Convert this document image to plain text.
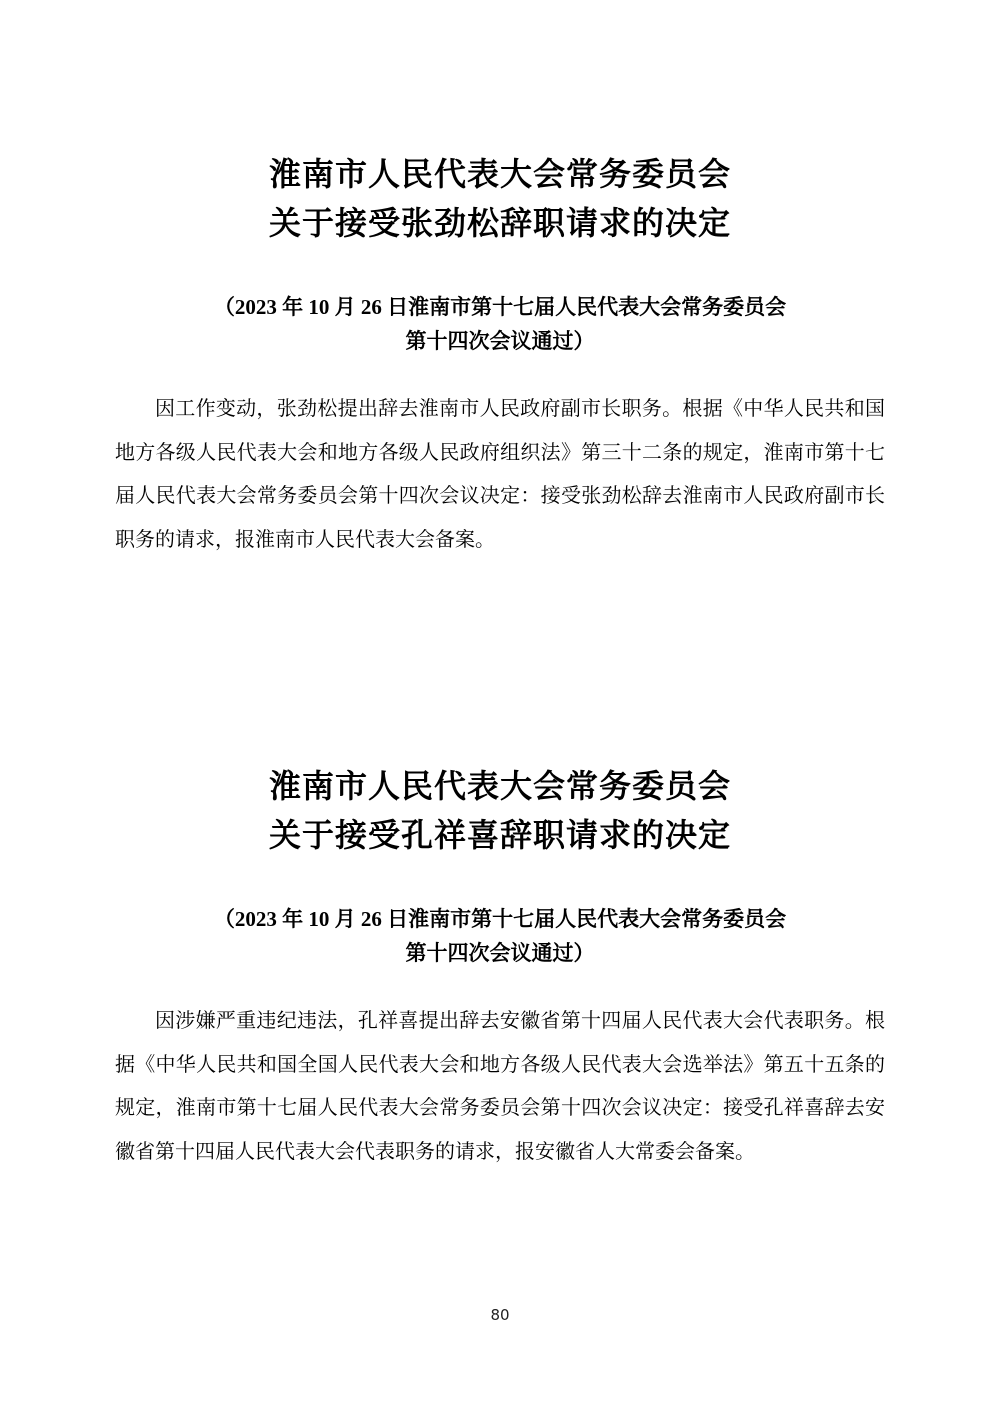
淮南市人民代表大会常务委员会
关于接受张劲松辞职请求的决定
（2023 年 10 月 26 日淮南市第十七届人民代表大会常务委员会
第十四次会议通过）

因工作变动，张劲松提出辞去淮南市人民政府副市长职务。根据《中华人民共和国地方各级人民代表大会和地方各级人民政府组织法》第三十二条的规定，淮南市第十七届人民代表大会常务委员会第十四次会议决定：接受张劲松辞去淮南市人民政府副市长职务的请求，报淮南市人民代表大会备案。

淮南市人民代表大会常务委员会
关于接受孔祥喜辞职请求的决定
（2023 年 10 月 26 日淮南市第十七届人民代表大会常务委员会
第十四次会议通过）

因涉嫌严重违纪违法，孔祥喜提出辞去安徽省第十四届人民代表大会代表职务。根据《中华人民共和国全国人民代表大会和地方各级人民代表大会选举法》第五十五条的规定，淮南市第十七届人民代表大会常务委员会第十四次会议决定：接受孔祥喜辞去安徽省第十四届人民代表大会代表职务的请求，报安徽省人大常委会备案。

80
